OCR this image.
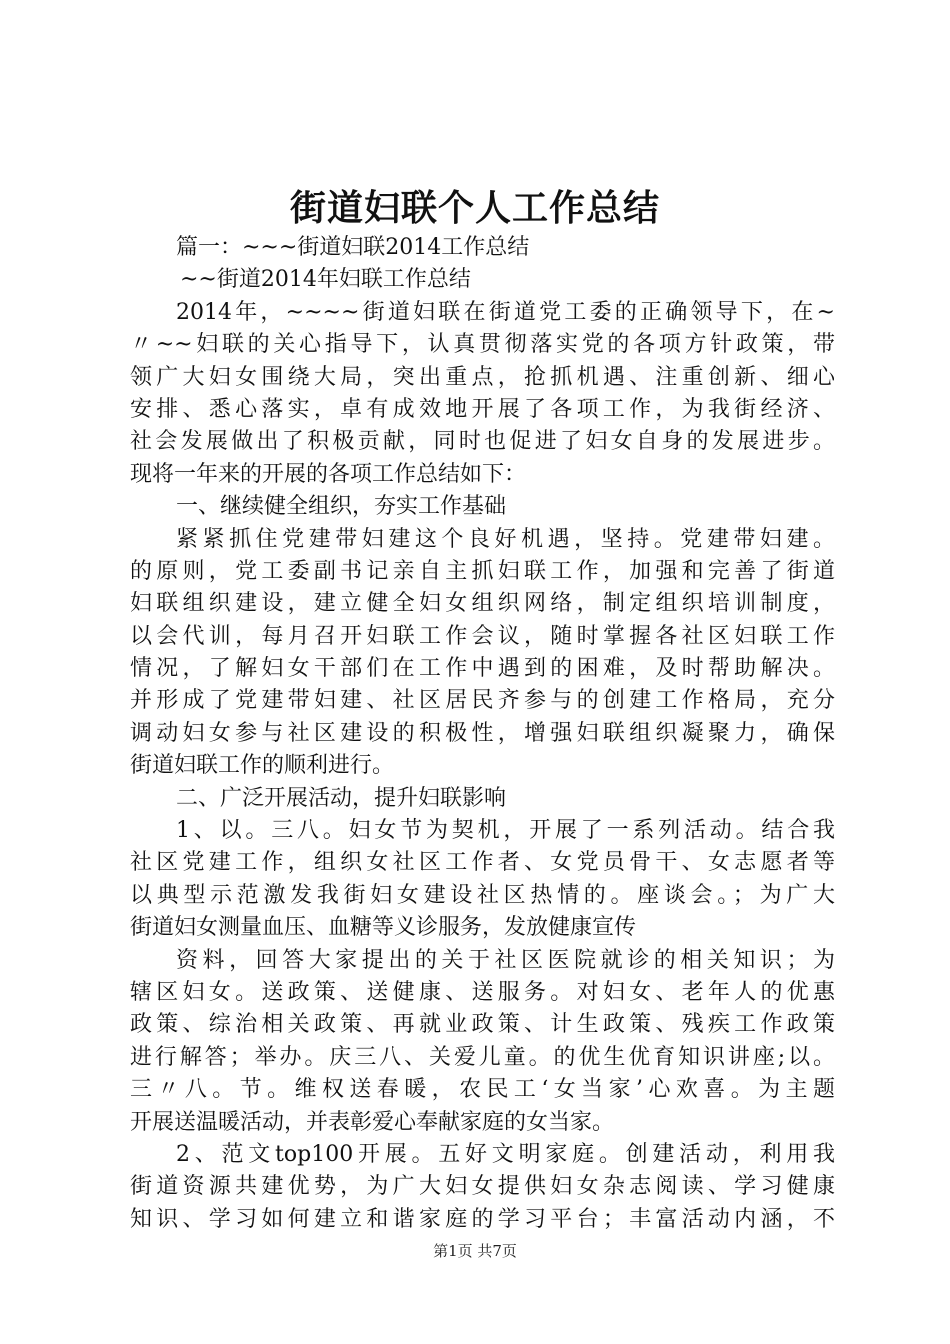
街道妇联个人工作总结
篇一：~~~街道妇联2014工作总结
~~街道2014年妇联工作总结
2014年，~~~~街道妇联在街道党工委的正确领导下，在~
〃~~妇联的关心指导下，认真贯彻落实党的各项方针政策，带
领广大妇女围绕大局，突出重点，抢抓机遇、注重创新、细心
安排、悉心落实，卓有成效地开展了各项工作，为我街经济、
社会发展做出了积极贡献，同时也促进了妇女自身的发展进步。
现将一年来的开展的各项工作总结如下：
一、继续健全组织，夯实工作基础
紧紧抓住党建带妇建这个良好机遇，坚持。党建带妇建。
的原则，党工委副书记亲自主抓妇联工作，加强和完善了街道
妇联组织建设，建立健全妇女组织网络，制定组织培训制度，
以会代训，每月召开妇联工作会议，随时掌握各社区妇联工作
情况，了解妇女干部们在工作中遇到的困难，及时帮助解决。
并形成了党建带妇建、社区居民齐参与的创建工作格局，充分
调动妇女参与社区建设的积极性，增强妇联组织凝聚力，确保
街道妇联工作的顺利进行。
二、广泛开展活动，提升妇联影响
1、以。三八。妇女节为契机，开展了一系列活动。结合我
社区党建工作，组织女社区工作者、女党员骨干、女志愿者等
以典型示范激发我街妇女建设社区热情的。座谈会。；为广大
街道妇女测量血压、血糖等义诊服务，发放健康宣传
资料，回答大家提出的关于社区医院就诊的相关知识；为
辖区妇女。送政策、送健康、送服务。对妇女、老年人的优惠
政策、综治相关政策、再就业政策、计生政策、残疾工作政策
进行解答；举办。庆三八、关爱儿童。的优生优育知识讲座;以。
三〃八。节。维权送春暖，农民工‘女当家’心欢喜。为主题
开展送温暖活动，并表彰爱心奉献家庭的女当家。
2、范文top100开展。五好文明家庭。创建活动，利用我
街道资源共建优势，为广大妇女提供妇女杂志阅读、学习健康
知识、学习如何建立和谐家庭的学习平台；丰富活动内涵，不
第1页 共7页
